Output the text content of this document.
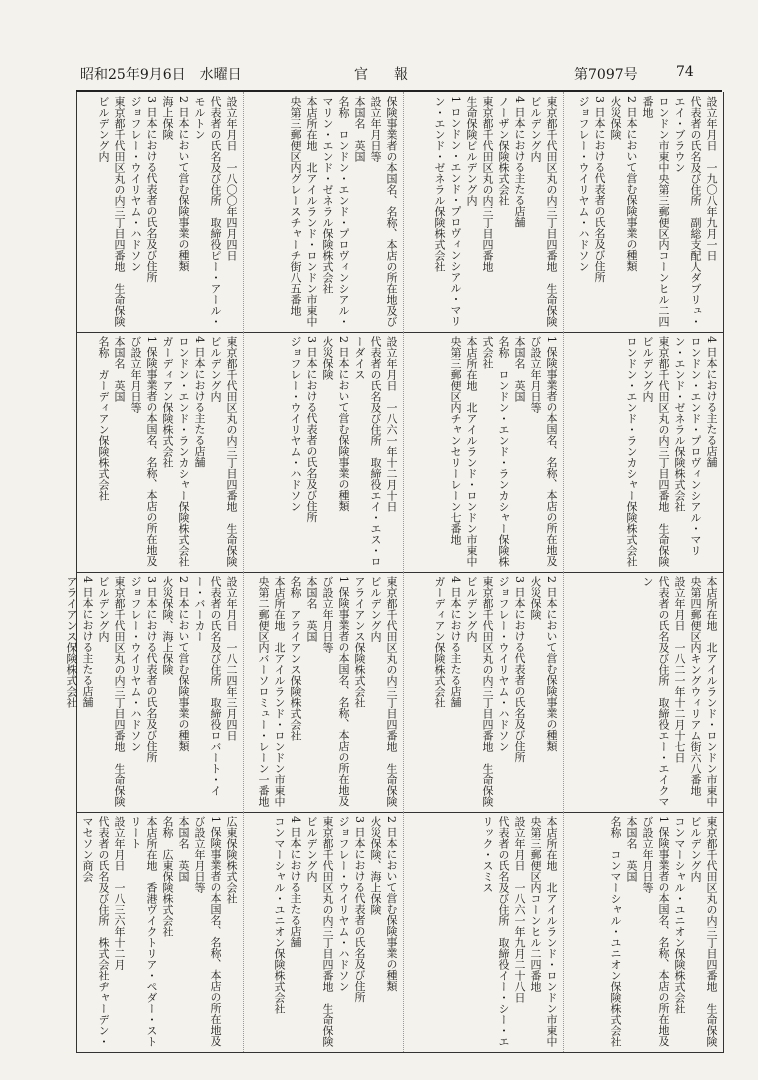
昭和25年9月6日　水曜日	官報	第7097号	74
設立年月日　一九〇八年九月一日
代表者の氏名及び住所　副総支配人ダブリュ・エイ・ブラウン
ロンドン市東中央第三郵便区内コーンヒル二四番地
2 日本において営む保険事業の種類
火災保険
3 日本における代表者の氏名及び住所
ジョフレー・ウイリヤム・ハドソン
東京都千代田区丸の内三丁目四番地　生命保険ビルデング内
4 日本における主たる店舗
ノーザン保険株式会社
東京都千代田区丸の内三丁目四番地
生命保険ビルデング内
1 ロンドン・エンド・プロヴィンシアル・マリン・エンド・ゼネラル保険株式会社
保険事業者の本国名、名称、本店の所在地及び設立年月日等
本国名　英国
名称　ロンドン・エンド・プロヴィンシアル・マリン・エンド・ゼネラル保険株式会社
本店所在地　北アイルランド・ロンドン市東中央第三郵便区内グレースチャーチ街八五番地
設立年月日　一八〇〇年四月四日
代表者の氏名及び住所　取締役ピー・アール・モルトン
2 日本において営む保険事業の種類
海上保険
3 日本における代表者の氏名及び住所
ジョフレー・ウイリヤム・ハドソン
東京都千代田区丸の内三丁目四番地　生命保険ビルデング内
4 日本における主たる店舗
ロンドン・エンド・プロヴィンシアル・マリン・エンド・ゼネラル保険株式会社
東京都千代田区丸の内三丁目四番地　生命保険ビルデング内
ロンドン・エンド・ランカシャー保険株式会社
1 保険事業者の本国名、名称、本店の所在地及び設立年月日等
本国名　英国
名称　ロンドン・エンド・ランカシャー保険株式会社
本店所在地　北アイルランド・ロンドン市東中央第三郵便区内チャンセリーレーン七番地
設立年月日　一八六一年十二月十日
代表者の氏名及び住所　取締役エイ・エス・ローダイス
2 日本において営む保険事業の種類
火災保険
3 日本における代表者の氏名及び住所
ジョフレー・ウイリヤム・ハドソン
東京都千代田区丸の内三丁目四番地　生命保険ビルデング内
4 日本における主たる店舗
ロンドン・エンド・ランカシャー保険株式会社
ガーディアン保険株式会社
1 保険事業者の本国名、名称、本店の所在地及び設立年月日等
本国名　英国
名称　ガーディアン保険株式会社
本店所在地　北アイルランド・ロンドン市東中央第四郵便区内キングウィリアム街六八番地
設立年月日　一八二一年十二月十七日
代表者の氏名及び住所　取締役エー・エイクマン
2 日本において営む保険事業の種類
火災保険
3 日本における代表者の氏名及び住所
ジョフレー・ウイリヤム・ハドソン
東京都千代田区丸の内三丁目四番地　生命保険ビルデング内
4 日本における主たる店舗
ガーディアン保険株式会社
東京都千代田区丸の内三丁目四番地　生命保険ビルデング内
アライアンス保険株式会社
1 保険事業者の本国名、名称、本店の所在地及び設立年月日等
本国名　英国
名称　アライアンス保険株式会社
本店所在地　北アイルランド・ロンドン市東中央第二郵便区内バーソロミュー・レーン一番地
設立年月日　一八二四年三月四日
代表者の氏名及び住所　取締役ロバート・イー・バーカー
2 日本において営む保険事業の種類
火災保険、海上保険
3 日本における代表者の氏名及び住所
ジョフレー・ウイリヤム・ハドソン
東京都千代田区丸の内三丁目四番地　生命保険ビルデング内
4 日本における主たる店舗
アライアンス保険株式会社
東京都千代田区丸の内三丁目四番地　生命保険ビルデング内
コンマーシャル・ユニオン保険株式会社
1 保険事業者の本国名、名称、本店の所在地及び設立年月日等
本国名　英国
名称　コンマーシャル・ユニオン保険株式会社
本店所在地　北アイルランド・ロンドン市東中央第三郵便区内コーンヒル二四番地
設立年月日　一八六一年九月二十八日
代表者の氏名及び住所　取締役イー・シー・エリック・スミス
2 日本において営む保険事業の種類
火災保険、海上保険
3 日本における代表者の氏名及び住所
ジョフレー・ウイリヤム・ハドソン
東京都千代田区丸の内三丁目四番地　生命保険ビルデング内
4 日本における主たる店舗
コンマーシャル・ユニオン保険株式会社
広東保険株式会社
1 保険事業者の本国名、名称、本店の所在地及び設立年月日等
本国名　英国
名称　広東保険株式会社
本店所在地　香港ヴイクトリア・ペダー・ストリート
設立年月日　一八三六年十二月
代表者の氏名及び住所　株式会社ヂャーデン・マセソン商会
